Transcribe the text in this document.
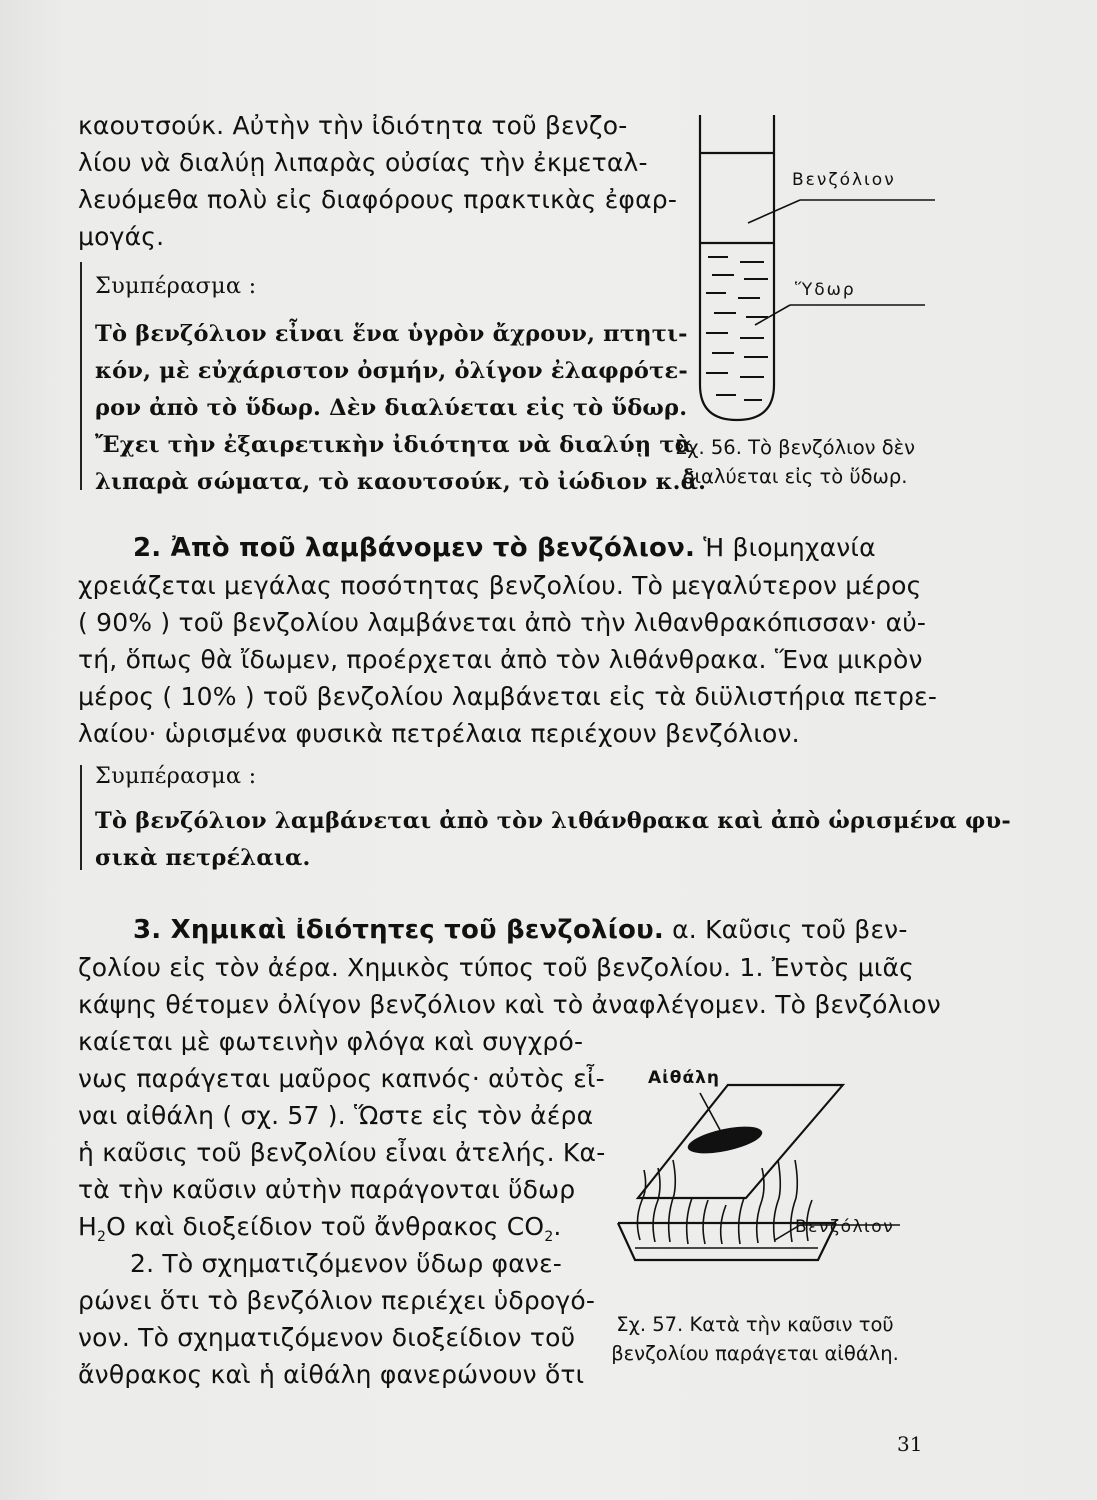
καουτσούκ. Αὐτὴν τὴν ἰδιότητα τοῦ βενζο-

λίου νὰ διαλύῃ λιπαρὰς οὐσίας τὴν ἐκμεταλ-

λευόμεθα πολὺ εἰς διαφόρους πρακτικὰς ἐφαρ-

μογάς.

Συμπέρασμα :

Τὸ βενζόλιον εἶναι ἕνα ὑγρὸν ἄχρουν, πτητι-

κόν, μὲ εὐχάριστον ὀσμήν, ὀλίγον ἐλαφρότε-

ρον ἀπὸ τὸ ὕδωρ. Δὲν διαλύεται εἰς τὸ ὕδωρ.

Ἔχει τὴν ἐξαιρετικὴν ἰδιότητα νὰ διαλύῃ τὰ

λιπαρὰ σώματα, τὸ καουτσούκ, τὸ ἰώδιον κ.ἄ.

Βενζόλιον
Ὕδωρ
Σχ. 56. Τὸ βενζόλιον δὲν
διαλύεται εἰς τὸ ὕδωρ.

2. Ἀπὸ ποῦ λαμβάνομεν τὸ βενζόλιον. Ἡ βιομηχανία

χρειάζεται μεγάλας ποσότητας βενζολίου. Τὸ μεγαλύτερον μέρος

( 90% ) τοῦ βενζολίου λαμβάνεται ἀπὸ τὴν λιθανθρακόπισσαν· αὐ-

τή, ὅπως θὰ ἴδωμεν, προέρχεται ἀπὸ τὸν λιθάνθρακα. Ἕνα μικρὸν

μέρος ( 10% ) τοῦ βενζολίου λαμβάνεται εἰς τὰ διϋλιστήρια πετρε-

λαίου· ὡρισμένα φυσικὰ πετρέλαια περιέχουν βενζόλιον.

Συμπέρασμα :

Τὸ βενζόλιον λαμβάνεται ἀπὸ τὸν λιθάνθρακα καὶ ἀπὸ ὡρισμένα φυ-

σικὰ πετρέλαια.

3. Χημικαὶ ἰδιότητες τοῦ βενζολίου. α. Καῦσις τοῦ βεν-

ζολίου εἰς τὸν ἀέρα. Χημικὸς τύπος τοῦ βενζολίου. 1. Ἐντὸς μιᾶς

κάψης θέτομεν ὀλίγον βενζόλιον καὶ τὸ ἀναφλέγομεν. Τὸ βενζόλιον

καίεται μὲ φωτεινὴν φλόγα καὶ συγχρό-

νως παράγεται μαῦρος καπνός· αὐτὸς εἶ-

ναι αἰθάλη ( σχ. 57 ). Ὥστε εἰς τὸν ἀέρα

ἡ καῦσις τοῦ βενζολίου εἶναι ἀτελής. Κα-

τὰ τὴν καῦσιν αὐτὴν παράγονται ὕδωρ

$H_2O$ καὶ διοξείδιον τοῦ ἄνθρακος $CO_2$.

2. Τὸ σχηματιζόμενον ὕδωρ φανε-

ρώνει ὅτι τὸ βενζόλιον περιέχει ὑδρογό-

νον. Τὸ σχηματιζόμενον διοξείδιον τοῦ

ἄνθρακος καὶ ἡ αἰθάλη φανερώνουν ὅτι

Αἰθάλη
Βενζόλιον
Σχ. 57. Κατὰ τὴν καῦσιν τοῦ
βενζολίου παράγεται αἰθάλη.
31
